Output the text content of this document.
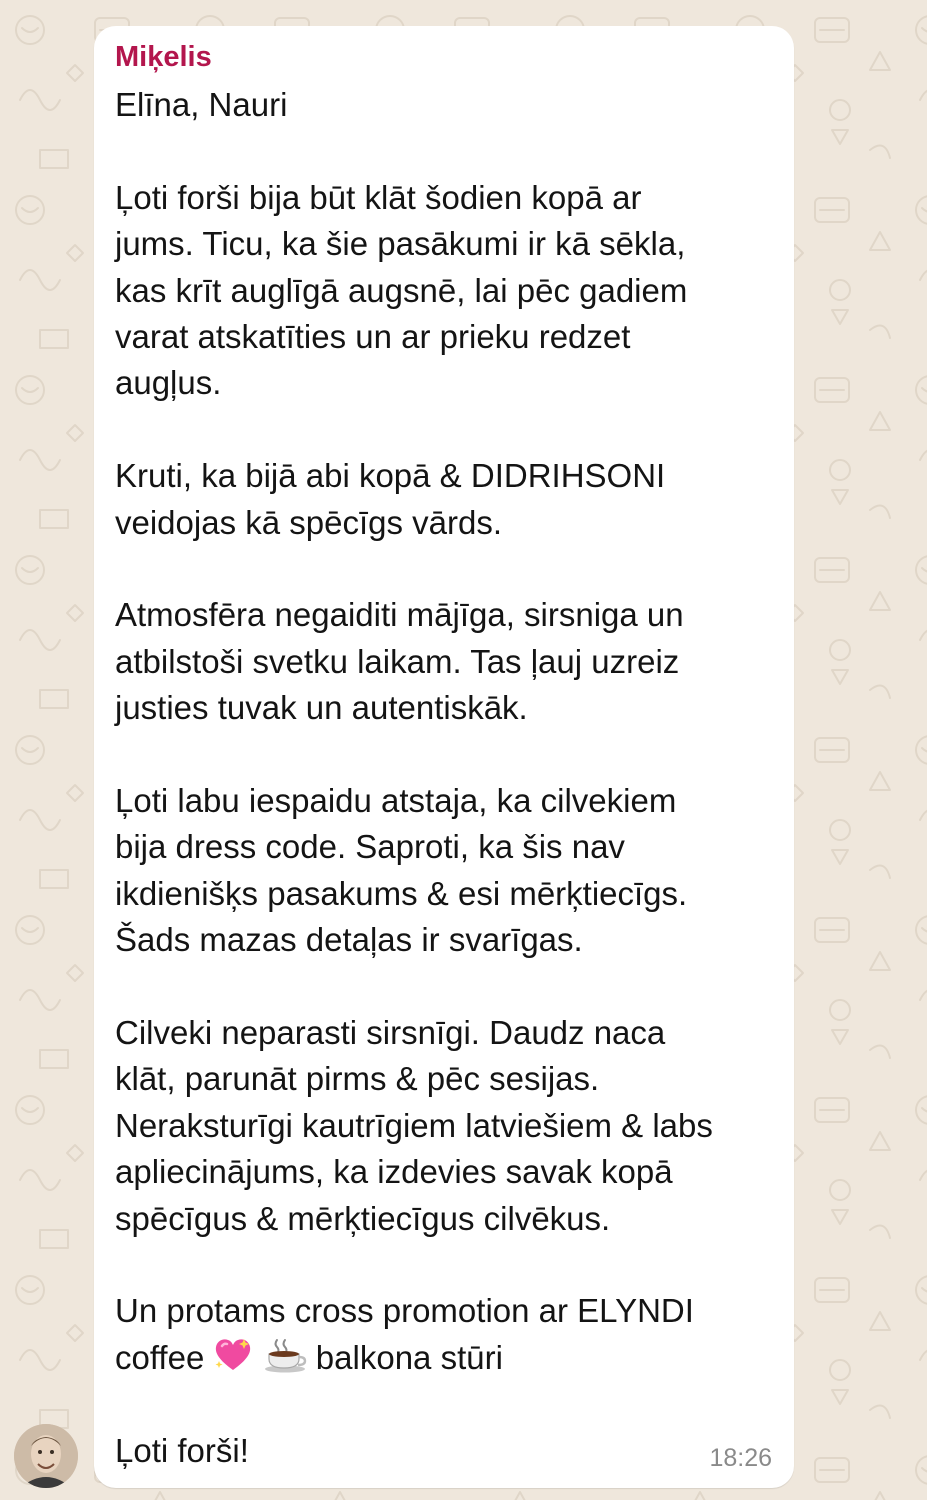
Miķelis

Elīna, Nauri

Ļoti forši bija būt klāt šodien kopā ar
jums. Ticu, ka šie pasākumi ir kā sēkla,
kas krīt auglīgā augsnē, lai pēc gadiem
varat atskatīties un ar prieku redzet
augļus.

Kruti, ka bijā abi kopā & DIDRIHSONI
veidojas kā spēcīgs vārds.

Atmosfēra negaiditi mājīga, sirsniga un
atbilstoši svetku laikam. Tas ļauj uzreiz
justies tuvak un autentiskāk.

Ļoti labu iespaidu atstaja, ka cilvekiem
bija dress code. Saproti, ka šis nav
ikdienišķs pasakums & esi mērķtiecīgs.
Šads mazas detaļas ir svarīgas.

Cilveki neparasti sirsnīgi. Daudz naca
klāt, parunāt pirms & pēc sesijas.
Neraksturīgi kautrīgiem latviešiem & labs
apliecinājums, ka izdevies savak kopā
spēcīgus & mērķtiecīgus cilvēkus.

Un protams cross promotion ar ELYNDI
coffee	balkona stūri

Ļoti forši!	18:26
